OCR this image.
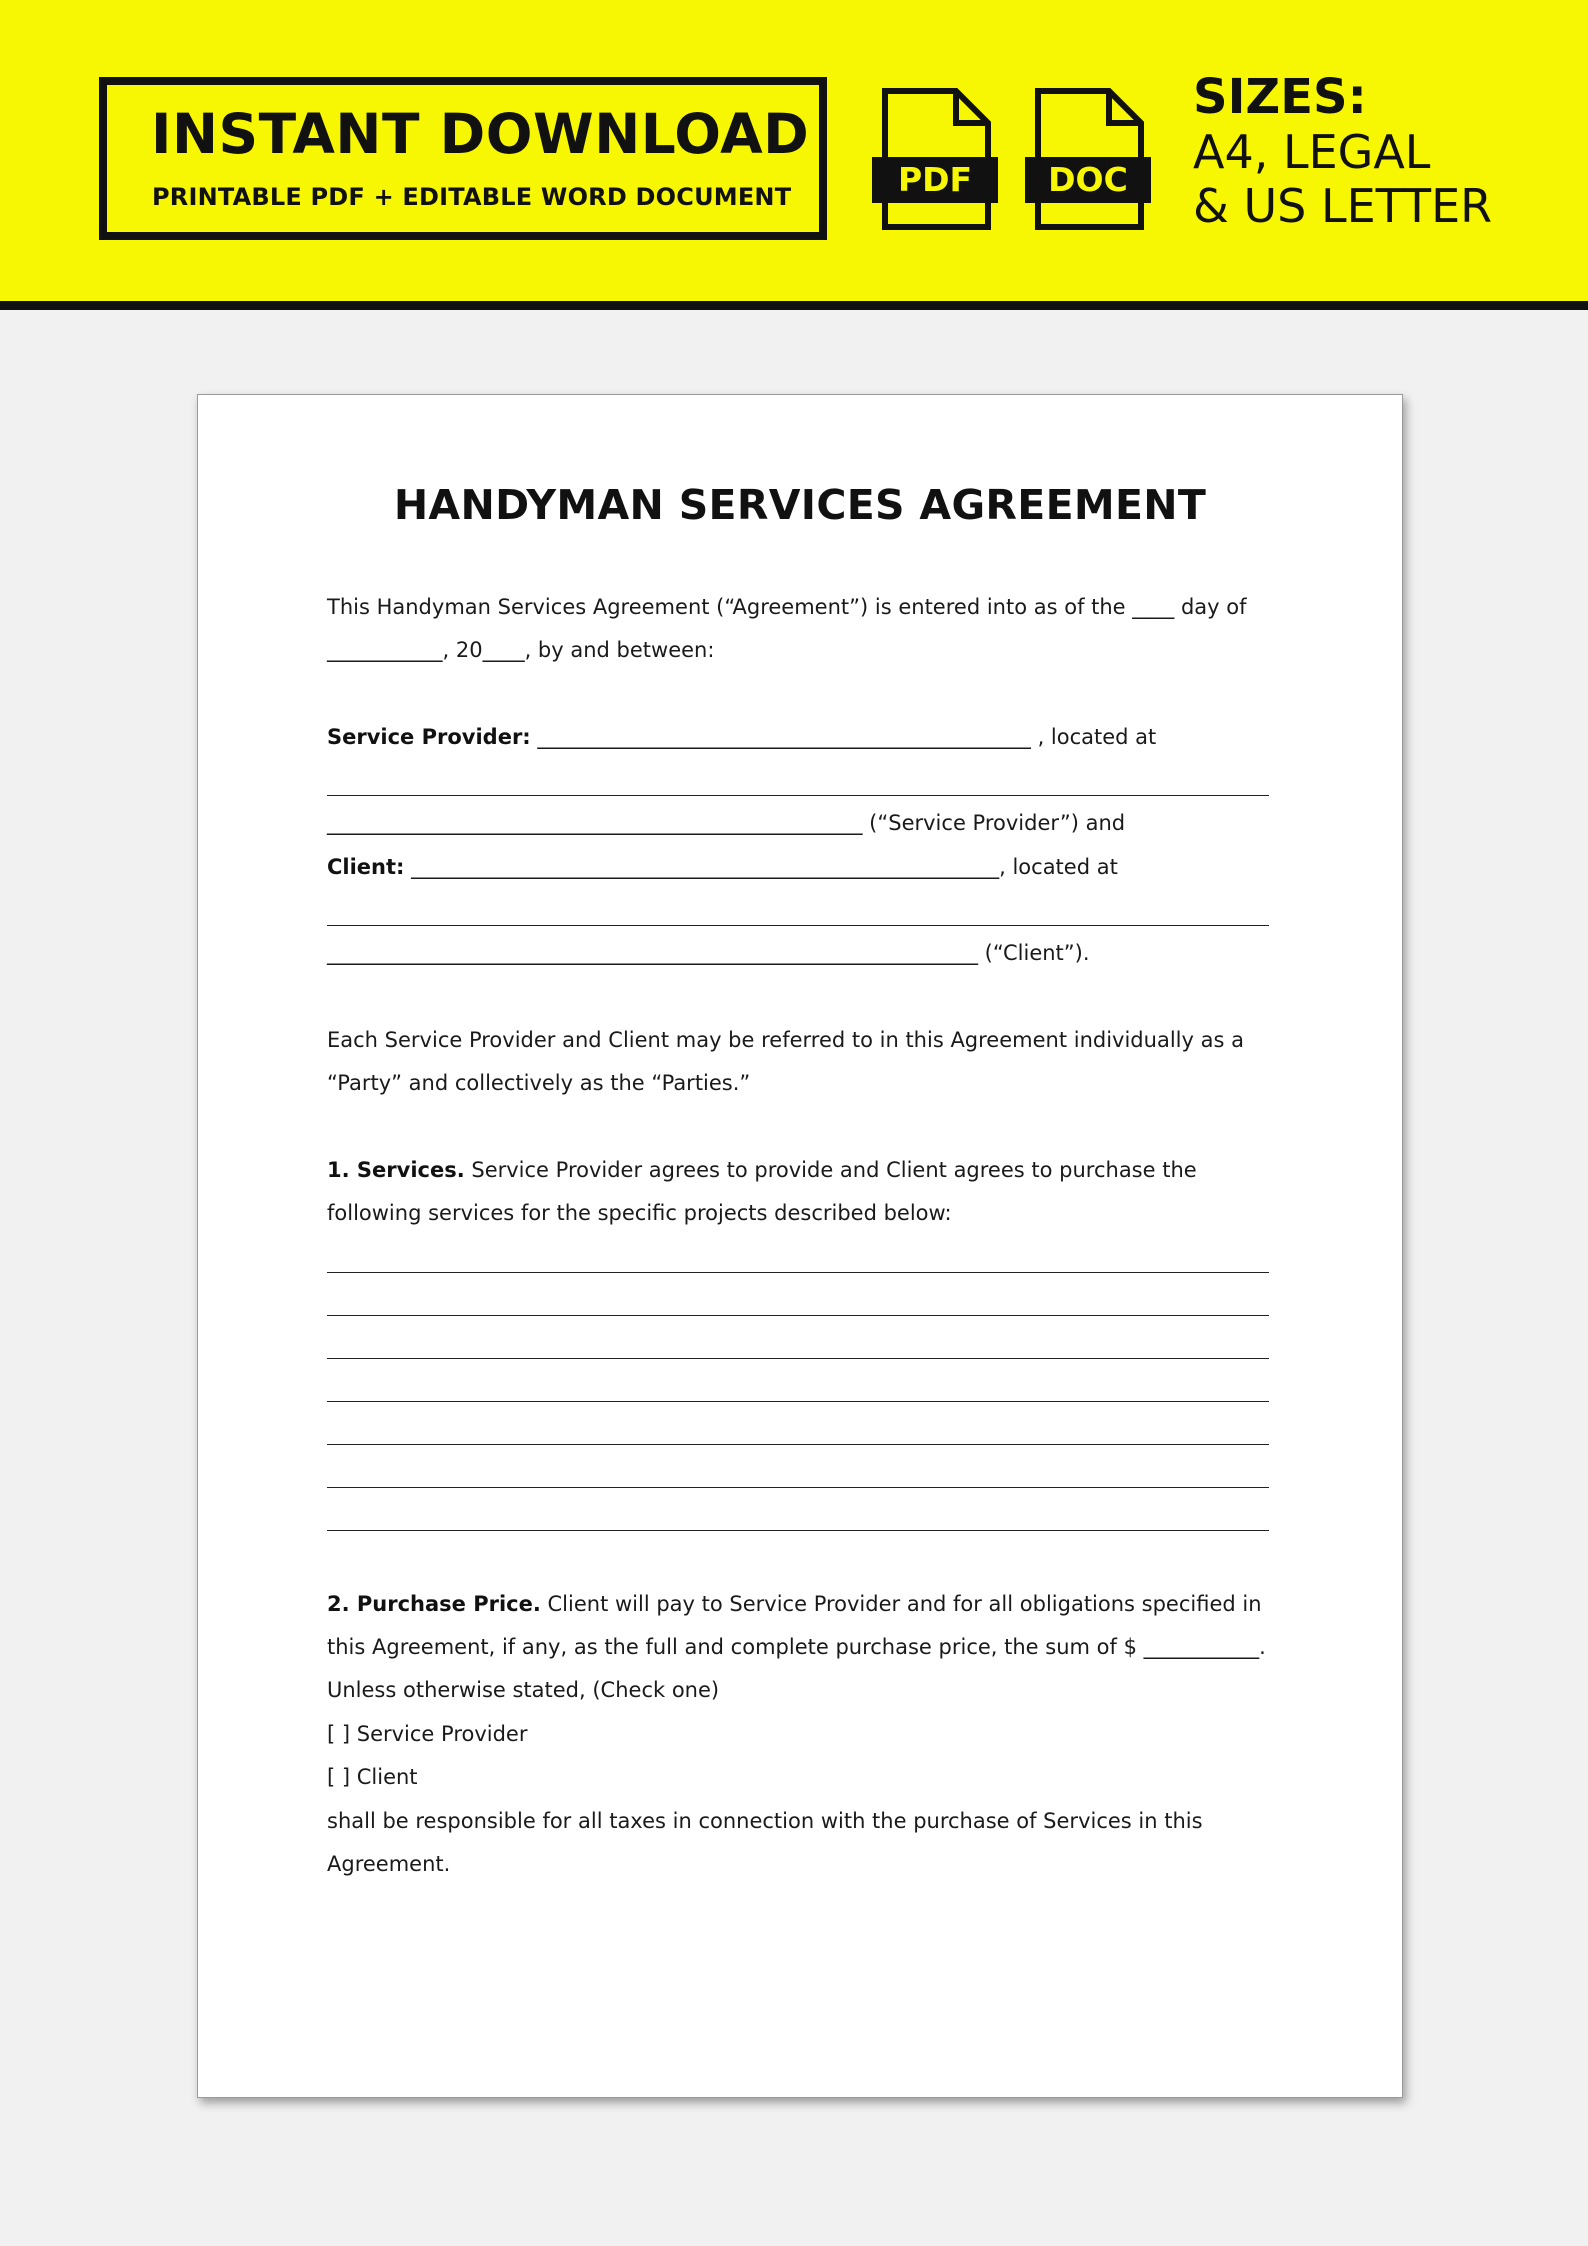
INSTANT DOWNLOAD
PRINTABLE PDF + EDITABLE WORD DOCUMENT	PDF	DOC
SIZES:
A4, LEGAL
& US LETTER
HANDYMAN SERVICES AGREEMENT
This Handyman Services Agreement (“Agreement”) is entered into as of the ____ day of
___________, 20____, by and between:
Service Provider: _______________________________________________ , located at
___________________________________________________ (“Service Provider”) and
Client: ________________________________________________________, located at
______________________________________________________________ (“Client”).
Each Service Provider and Client may be referred to in this Agreement individually as a
“Party” and collectively as the “Parties.”
1. Services. Service Provider agrees to provide and Client agrees to purchase the
following services for the specific projects described below:
2. Purchase Price. Client will pay to Service Provider and for all obligations specified in
this Agreement, if any, as the full and complete purchase price, the sum of $ ___________.
Unless otherwise stated, (Check one)
[ ] Service Provider
[ ] Client
shall be responsible for all taxes in connection with the purchase of Services in this
Agreement.
